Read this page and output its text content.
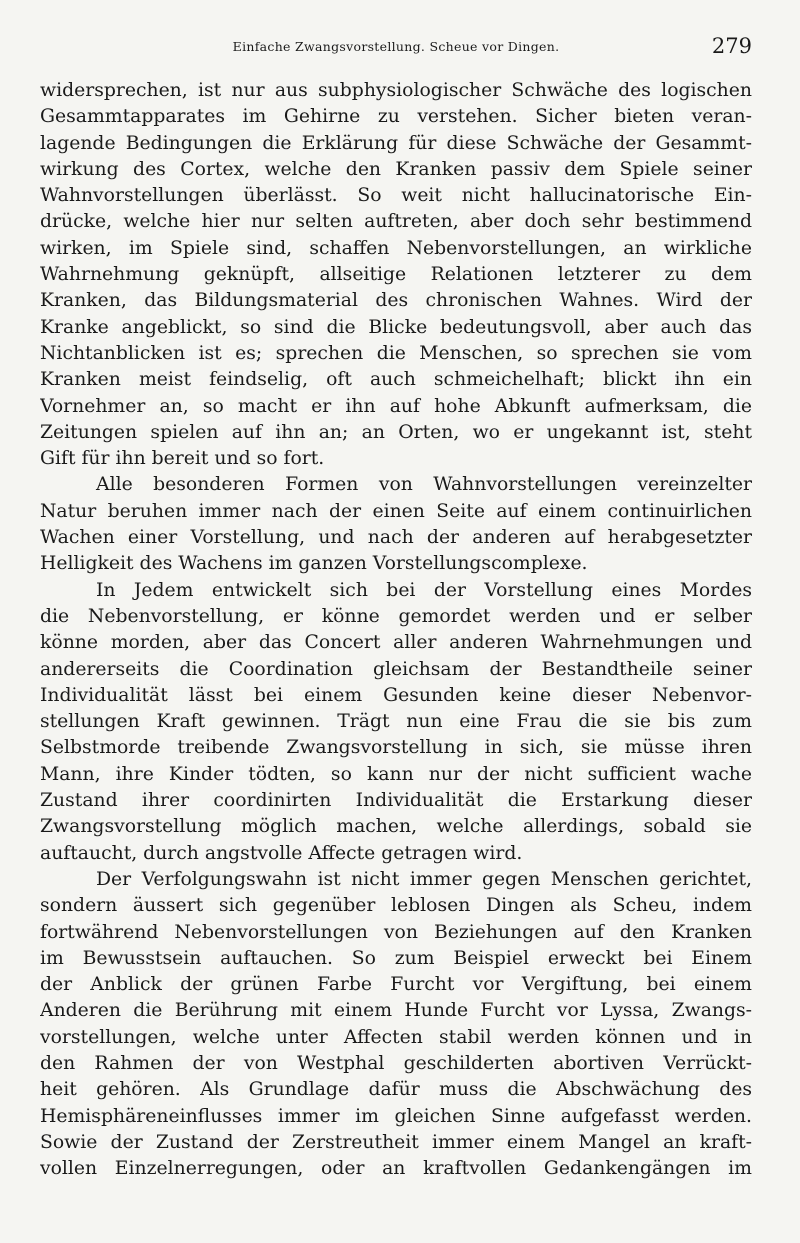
Einfache Zwangsvorstellung. Scheue vor Dingen.	279
widersprechen, ist nur aus subphysiologischer Schwäche des logischen
Gesammtapparates im Gehirne zu verstehen. Sicher bieten veran-
lagende Bedingungen die Erklärung für diese Schwäche der Gesammt-
wirkung des Cortex, welche den Kranken passiv dem Spiele seiner
Wahnvorstellungen überlässt. So weit nicht hallucinatorische Ein-
drücke, welche hier nur selten auftreten, aber doch sehr bestimmend
wirken, im Spiele sind, schaffen Nebenvorstellungen, an wirkliche
Wahrnehmung geknüpft, allseitige Relationen letzterer zu dem
Kranken, das Bildungsmaterial des chronischen Wahnes. Wird der
Kranke angeblickt, so sind die Blicke bedeutungsvoll, aber auch das
Nichtanblicken ist es; sprechen die Menschen, so sprechen sie vom
Kranken meist feindselig, oft auch schmeichelhaft; blickt ihn ein
Vornehmer an, so macht er ihn auf hohe Abkunft aufmerksam, die
Zeitungen spielen auf ihn an; an Orten, wo er ungekannt ist, steht
Gift für ihn bereit und so fort.
Alle besonderen Formen von Wahnvorstellungen vereinzelter
Natur beruhen immer nach der einen Seite auf einem continuirlichen
Wachen einer Vorstellung, und nach der anderen auf herabgesetzter
Helligkeit des Wachens im ganzen Vorstellungscomplexe.
In Jedem entwickelt sich bei der Vorstellung eines Mordes
die Nebenvorstellung, er könne gemordet werden und er selber
könne morden, aber das Concert aller anderen Wahrnehmungen und
andererseits die Coordination gleichsam der Bestandtheile seiner
Individualität lässt bei einem Gesunden keine dieser Nebenvor-
stellungen Kraft gewinnen. Trägt nun eine Frau die sie bis zum
Selbstmorde treibende Zwangsvorstellung in sich, sie müsse ihren
Mann, ihre Kinder tödten, so kann nur der nicht sufficient wache
Zustand ihrer coordinirten Individualität die Erstarkung dieser
Zwangsvorstellung möglich machen, welche allerdings, sobald sie
auftaucht, durch angstvolle Affecte getragen wird.
Der Verfolgungswahn ist nicht immer gegen Menschen gerichtet,
sondern äussert sich gegenüber leblosen Dingen als Scheu, indem
fortwährend Nebenvorstellungen von Beziehungen auf den Kranken
im Bewusstsein auftauchen. So zum Beispiel erweckt bei Einem
der Anblick der grünen Farbe Furcht vor Vergiftung, bei einem
Anderen die Berührung mit einem Hunde Furcht vor Lyssa, Zwangs-
vorstellungen, welche unter Affecten stabil werden können und in
den Rahmen der von Westphal geschilderten abortiven Verrückt-
heit gehören. Als Grundlage dafür muss die Abschwächung des
Hemisphäreneinflusses immer im gleichen Sinne aufgefasst werden.
Sowie der Zustand der Zerstreutheit immer einem Mangel an kraft-
vollen Einzelnerregungen, oder an kraftvollen Gedankengängen im
